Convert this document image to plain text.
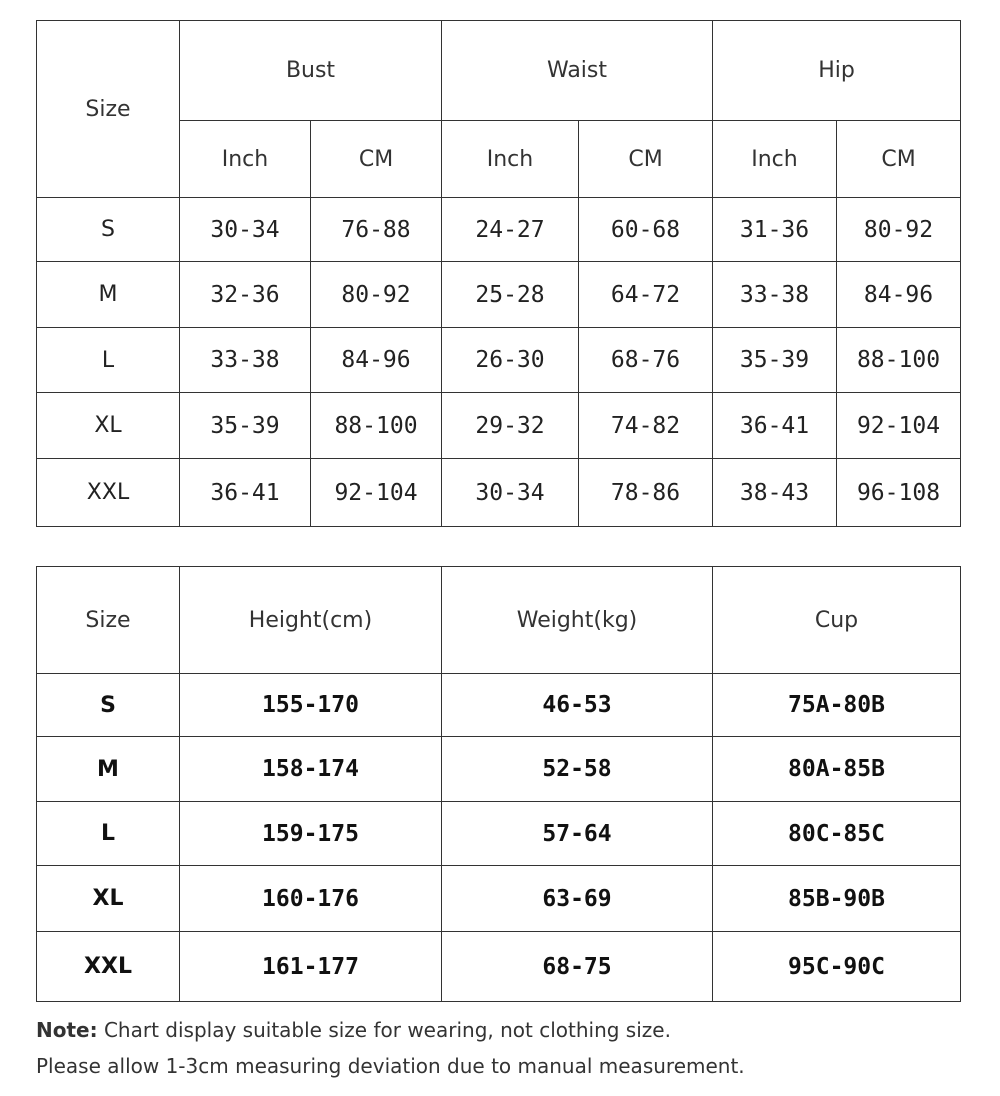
Size	Bust		Waist		Hip	
	Inch	CM	Inch	CM	Inch	CM
S	30-34	76-88	24-27	60-68	31-36	80-92
M	32-36	80-92	25-28	64-72	33-38	84-96
L	33-38	84-96	26-30	68-76	35-39	88-100
XL	35-39	88-100	29-32	74-82	36-41	92-104
XXL	36-41	92-104	30-34	78-86	38-43	96-108
Size	Height(cm)	Weight(kg)	Cup
S	155-170	46-53	75A-80B
M	158-174	52-58	80A-85B
L	159-175	57-64	80C-85C
XL	160-176	63-69	85B-90B
XXL	161-177	68-75	95C-90C
Note: Chart display suitable size for wearing, not clothing size.
Please allow 1-3cm measuring deviation due to manual measurement.
